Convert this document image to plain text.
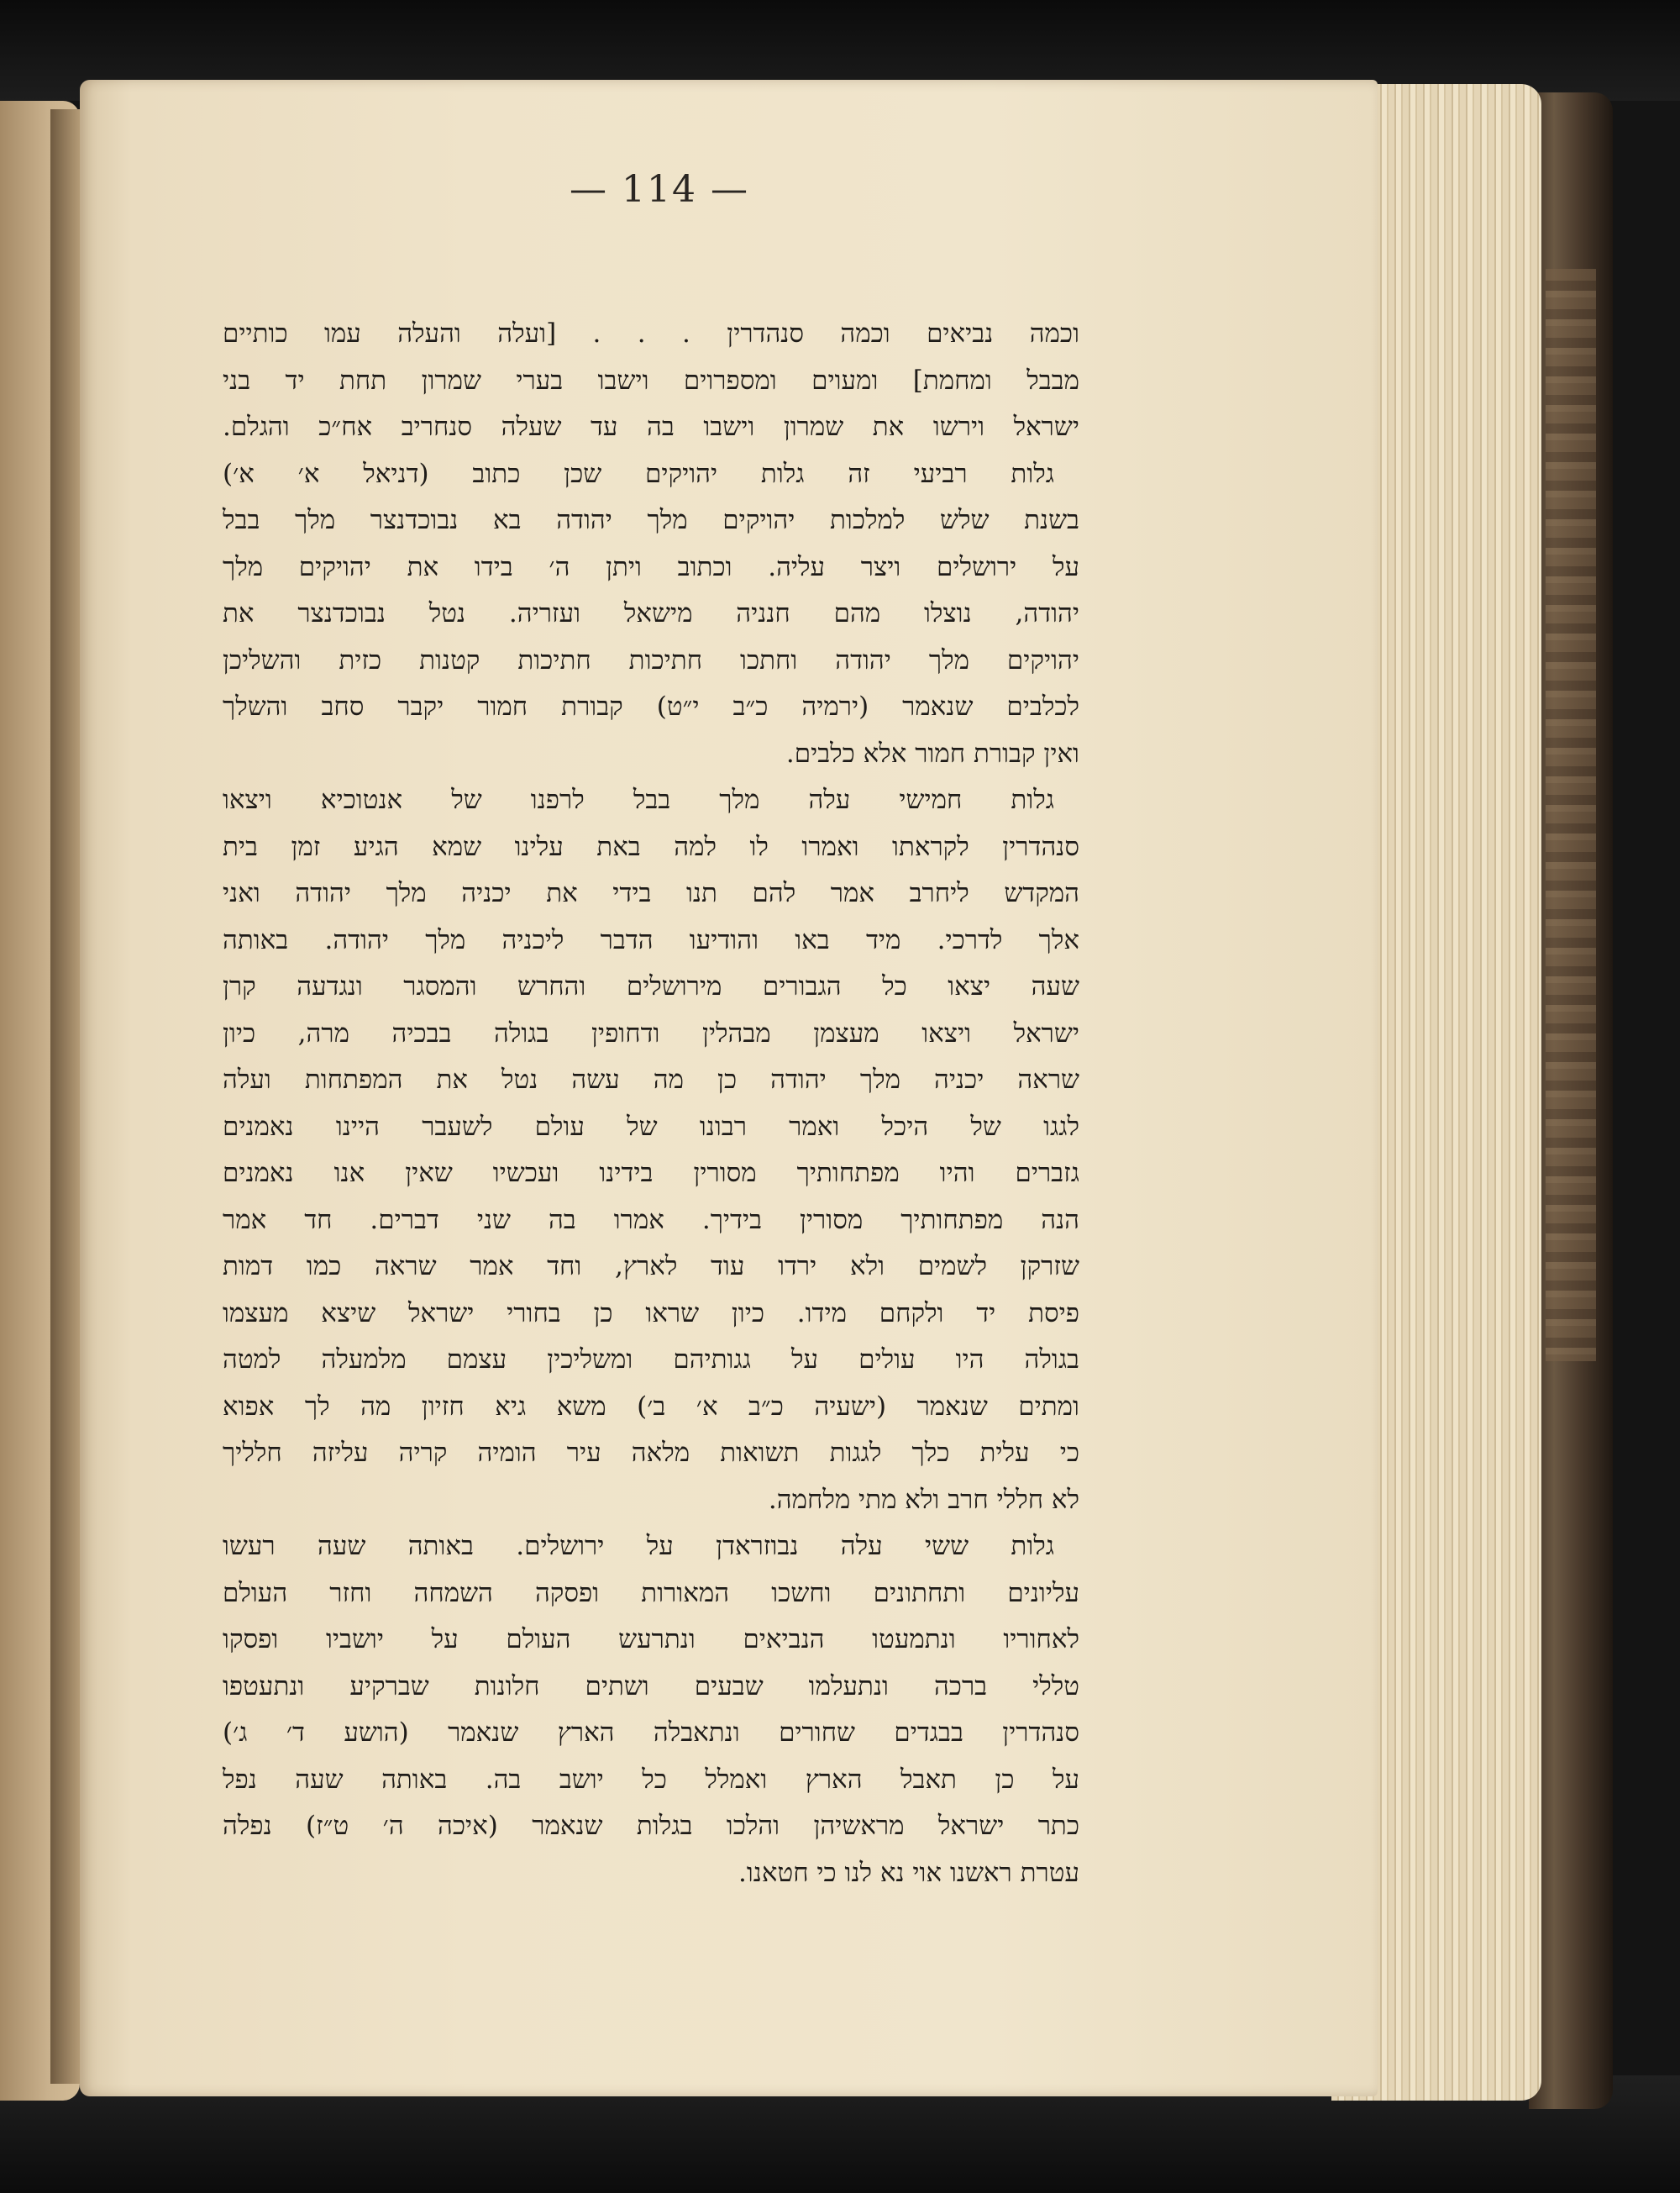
— 114 —
וכמה נביאים וכמה סנהדרין . . . [ועלה והעלה עמו כותיים
מבבל ומחמת] ומעוים ומספרוים וישבו בערי שמרון תחת יד בני
ישראל וירשו את שמרון וישבו בה עד שעלה סנחריב אח״כ והגלם.
גלות רביעי זה גלות יהויקים שכן כתוב (דניאל א׳ א׳)
בשנת שלש למלכות יהויקים מלך יהודה בא נבוכדנצר מלך בבל
על ירושלים ויצר עליה. וכתוב ויתן ה׳ בידו את יהויקים מלך
יהודה, נוצלו מהם חנניה מישאל ועזריה. נטל נבוכדנצר את
יהויקים מלך יהודה וחתכו חתיכות חתיכות קטנות כזית והשליכן
לכלבים שנאמר (ירמיה כ״ב י״ט) קבורת חמור יקבר סחב והשלך
ואין קבורת חמור אלא כלבים.
גלות חמישי עלה מלך בבל לרפנו של אנטוכיא ויצאו
סנהדרין לקראתו ואמרו לו למה באת עלינו שמא הגיע זמן בית
המקדש ליחרב אמר להם תנו בידי את יכניה מלך יהודה ואני
אלך לדרכי. מיד באו והודיעו הדבר ליכניה מלך יהודה. באותה
שעה יצאו כל הגבורים מירושלים והחרש והמסגר ונגדעה קרן
ישראל ויצאו מעצמן מבהלין ודחופין בגולה בבכיה מרה, כיון
שראה יכניה מלך יהודה כן מה עשה נטל את המפתחות ועלה
לגגו של היכל ואמר רבונו של עולם לשעבר היינו נאמנים
גזברים והיו מפתחותיך מסורין בידינו ועכשיו שאין אנו נאמנים
הנה מפתחותיך מסורין בידיך. אמרו בה שני דברים. חד אמר
שזרקן לשמים ולא ירדו עוד לארץ, וחד אמר שראה כמו דמות
פיסת יד ולקחם מידו. כיון שראו כן בחורי ישראל שיצא מעצמו
בגולה היו עולים על גגותיהם ומשליכין עצמם מלמעלה למטה
ומתים שנאמר (ישעיה כ״ב א׳ ב׳) משא גיא חזיון מה לך אפוא
כי עלית כלך לגגות תשואות מלאה עיר הומיה קריה עליזה חלליך
לא חללי חרב ולא מתי מלחמה.
גלות ששי עלה נבוזראדן על ירושלים. באותה שעה רעשו
עליונים ותחתונים וחשכו המאורות ופסקה השמחה וחזר העולם
לאחוריו ונתמעטו הנביאים ונתרעש העולם על יושביו ופסקו
טללי ברכה ונתעלמו שבעים ושתים חלונות שברקיע ונתעטפו
סנהדרין בבגדים שחורים ונתאבלה הארץ שנאמר (הושע ד׳ ג׳)
על כן תאבל הארץ ואמלל כל יושב בה. באותה שעה נפל
כתר ישראל מראשיהן והלכו בגלות שנאמר (איכה ה׳ ט״ז) נפלה
עטרת ראשנו אוי נא לנו כי חטאנו.
